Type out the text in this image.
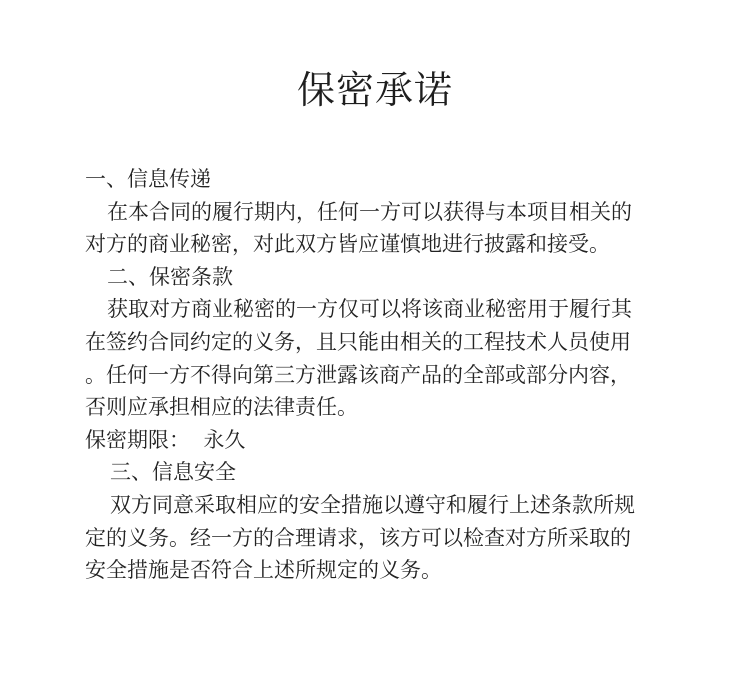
保密承诺
一、信息传递
在本合同的履行期内，任何一方可以获得与本项目相关的
对方的商业秘密，对此双方皆应谨慎地进行披露和接受。
二、保密条款
获取对方商业秘密的一方仅可以将该商业秘密用于履行其
在签约合同约定的义务，且只能由相关的工程技术人员使用
。任何一方不得向第三方泄露该商产品的全部或部分内容，
否则应承担相应的法律责任。
保密期限：  永久
三、信息安全
双方同意采取相应的安全措施以遵守和履行上述条款所规
定的义务。经一方的合理请求，该方可以检查对方所采取的
安全措施是否符合上述所规定的义务。
